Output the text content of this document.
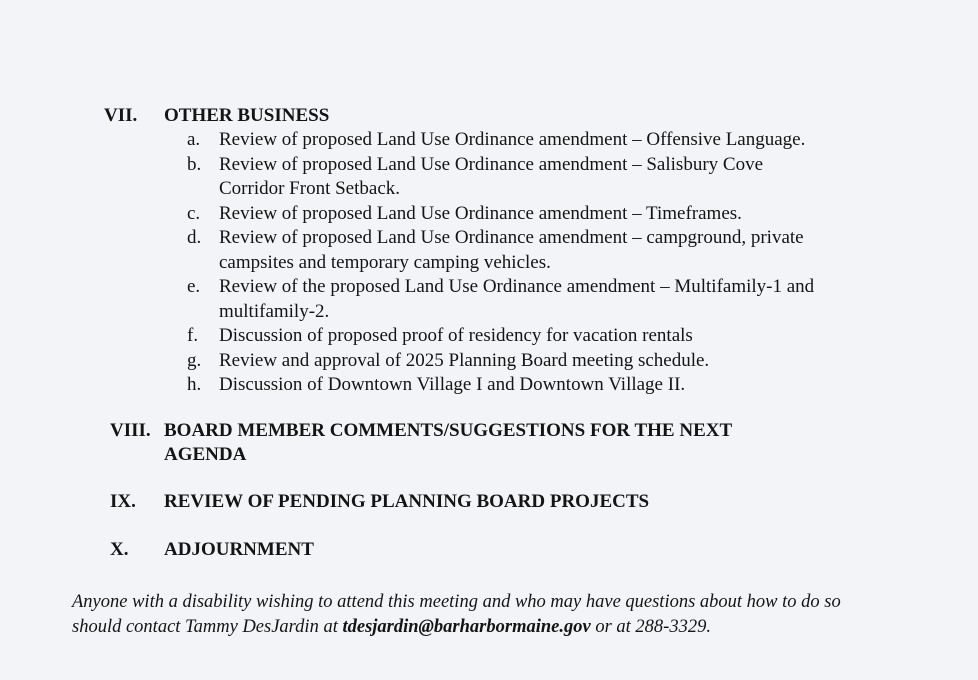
VII. OTHER BUSINESS
a. Review of proposed Land Use Ordinance amendment – Offensive Language.
b. Review of proposed Land Use Ordinance amendment – Salisbury Cove Corridor Front Setback.
c. Review of proposed Land Use Ordinance amendment – Timeframes.
d. Review of proposed Land Use Ordinance amendment – campground, private campsites and temporary camping vehicles.
e. Review of the proposed Land Use Ordinance amendment – Multifamily-1 and multifamily-2.
f. Discussion of proposed proof of residency for vacation rentals
g. Review and approval of 2025 Planning Board meeting schedule.
h. Discussion of Downtown Village I and Downtown Village II.
VIII. BOARD MEMBER COMMENTS/SUGGESTIONS FOR THE NEXT AGENDA
IX. REVIEW OF PENDING PLANNING BOARD PROJECTS
X. ADJOURNMENT

Anyone with a disability wishing to attend this meeting and who may have questions about how to do so should contact Tammy DesJardin at tdesjardin@barharbormaine.gov or at 288-3329.
